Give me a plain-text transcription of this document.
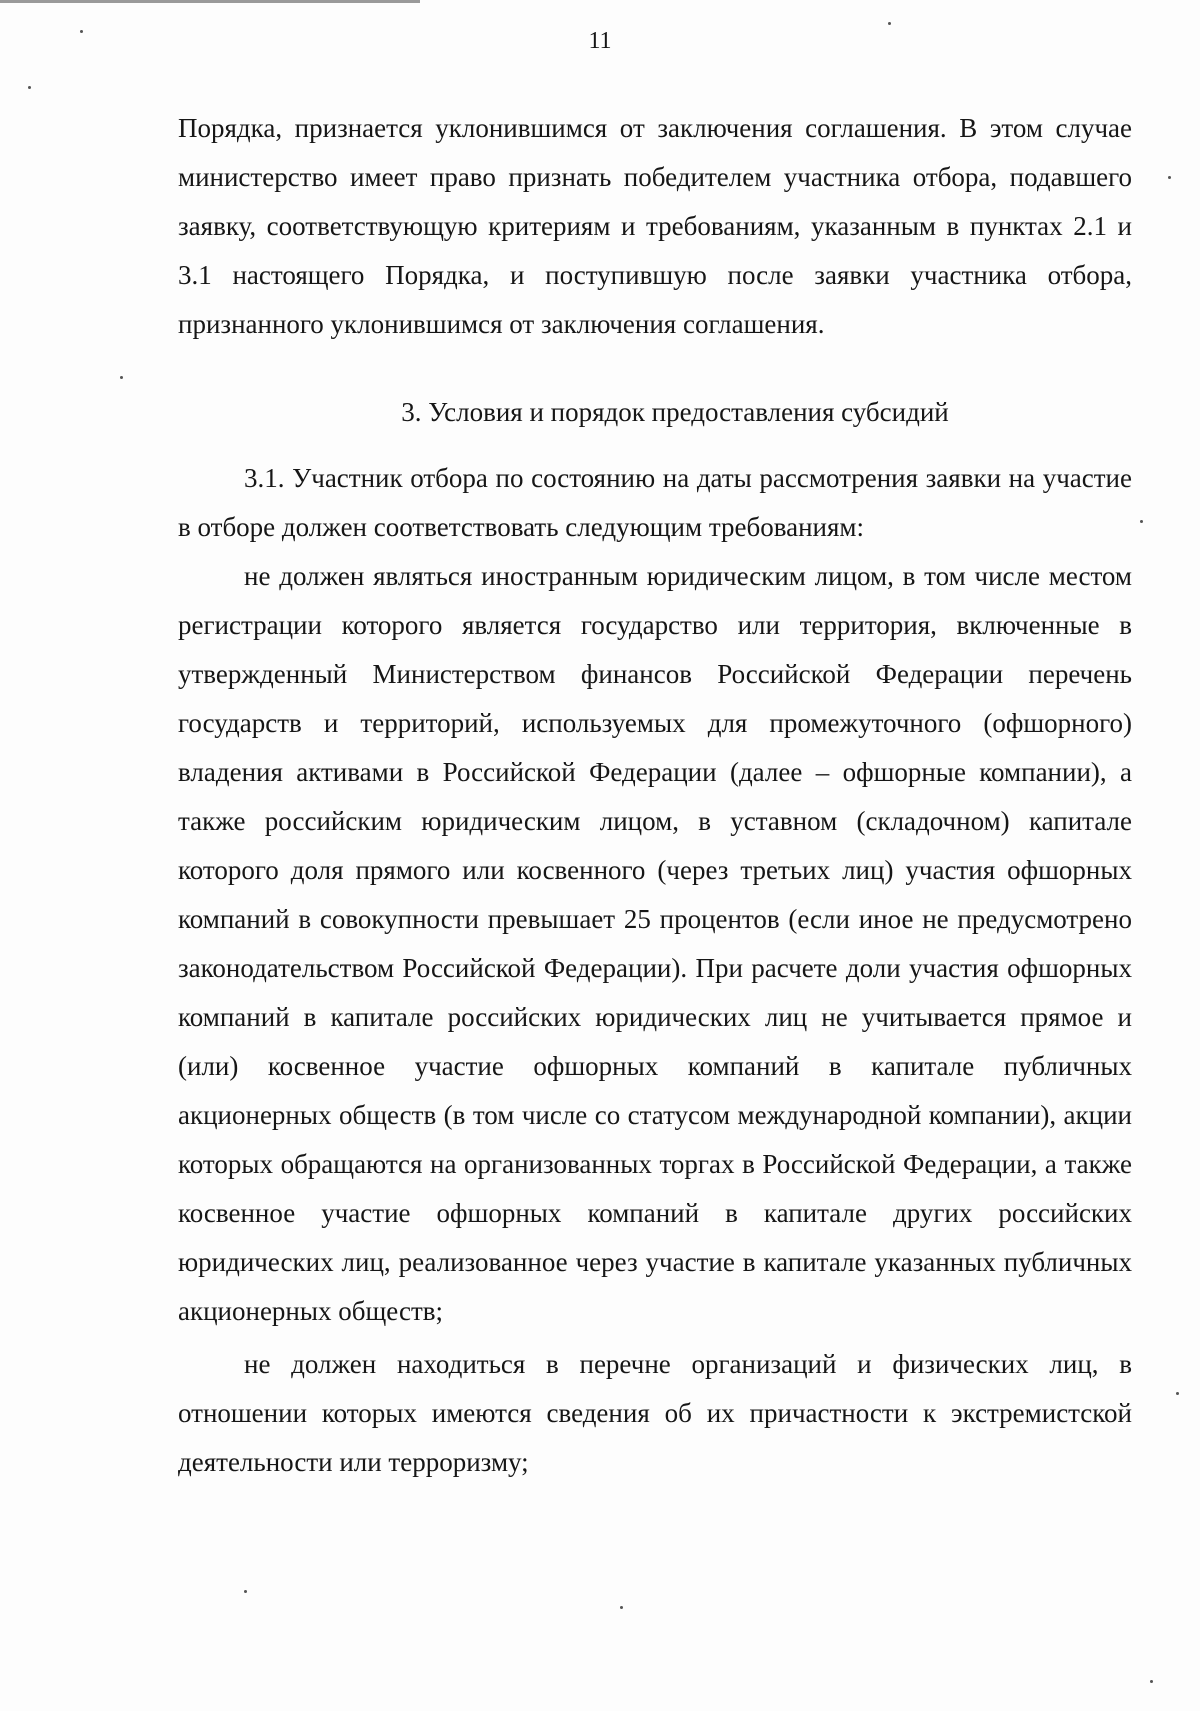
11

Порядка, признается уклонившимся от заключения соглашения. В этом случае министерство имеет право признать победителем участника отбора, подавшего заявку, соответствующую критериям и требованиям, указанным в пунктах 2.1 и 3.1 настоящего Порядка, и поступившую после заявки участника отбора, признанного уклонившимся от заключения соглашения.

3. Условия и порядок предоставления субсидий

3.1. Участник отбора по состоянию на даты рассмотрения заявки на участие в отборе должен соответствовать следующим требованиям:

не должен являться иностранным юридическим лицом, в том числе местом регистрации которого является государство или территория, включенные в утвержденный Министерством финансов Российской Федерации перечень государств и территорий, используемых для промежуточного (офшорного) владения активами в Российской Федерации (далее – офшорные компании), а также российским юридическим лицом, в уставном (складочном) капитале которого доля прямого или косвенного (через третьих лиц) участия офшорных компаний в совокупности превышает 25 процентов (если иное не предусмотрено законодательством Российской Федерации). При расчете доли участия офшорных компаний в капитале российских юридических лиц не учитывается прямое и (или) косвенное участие офшорных компаний в капитале публичных акционерных обществ (в том числе со статусом международной компании), акции которых обращаются на организованных торгах в Российской Федерации, а также косвенное участие офшорных компаний в капитале других российских юридических лиц, реализованное через участие в капитале указанных публичных акционерных обществ;

не должен находиться в перечне организаций и физических лиц, в отношении которых имеются сведения об их причастности к экстремистской деятельности или терроризму;
